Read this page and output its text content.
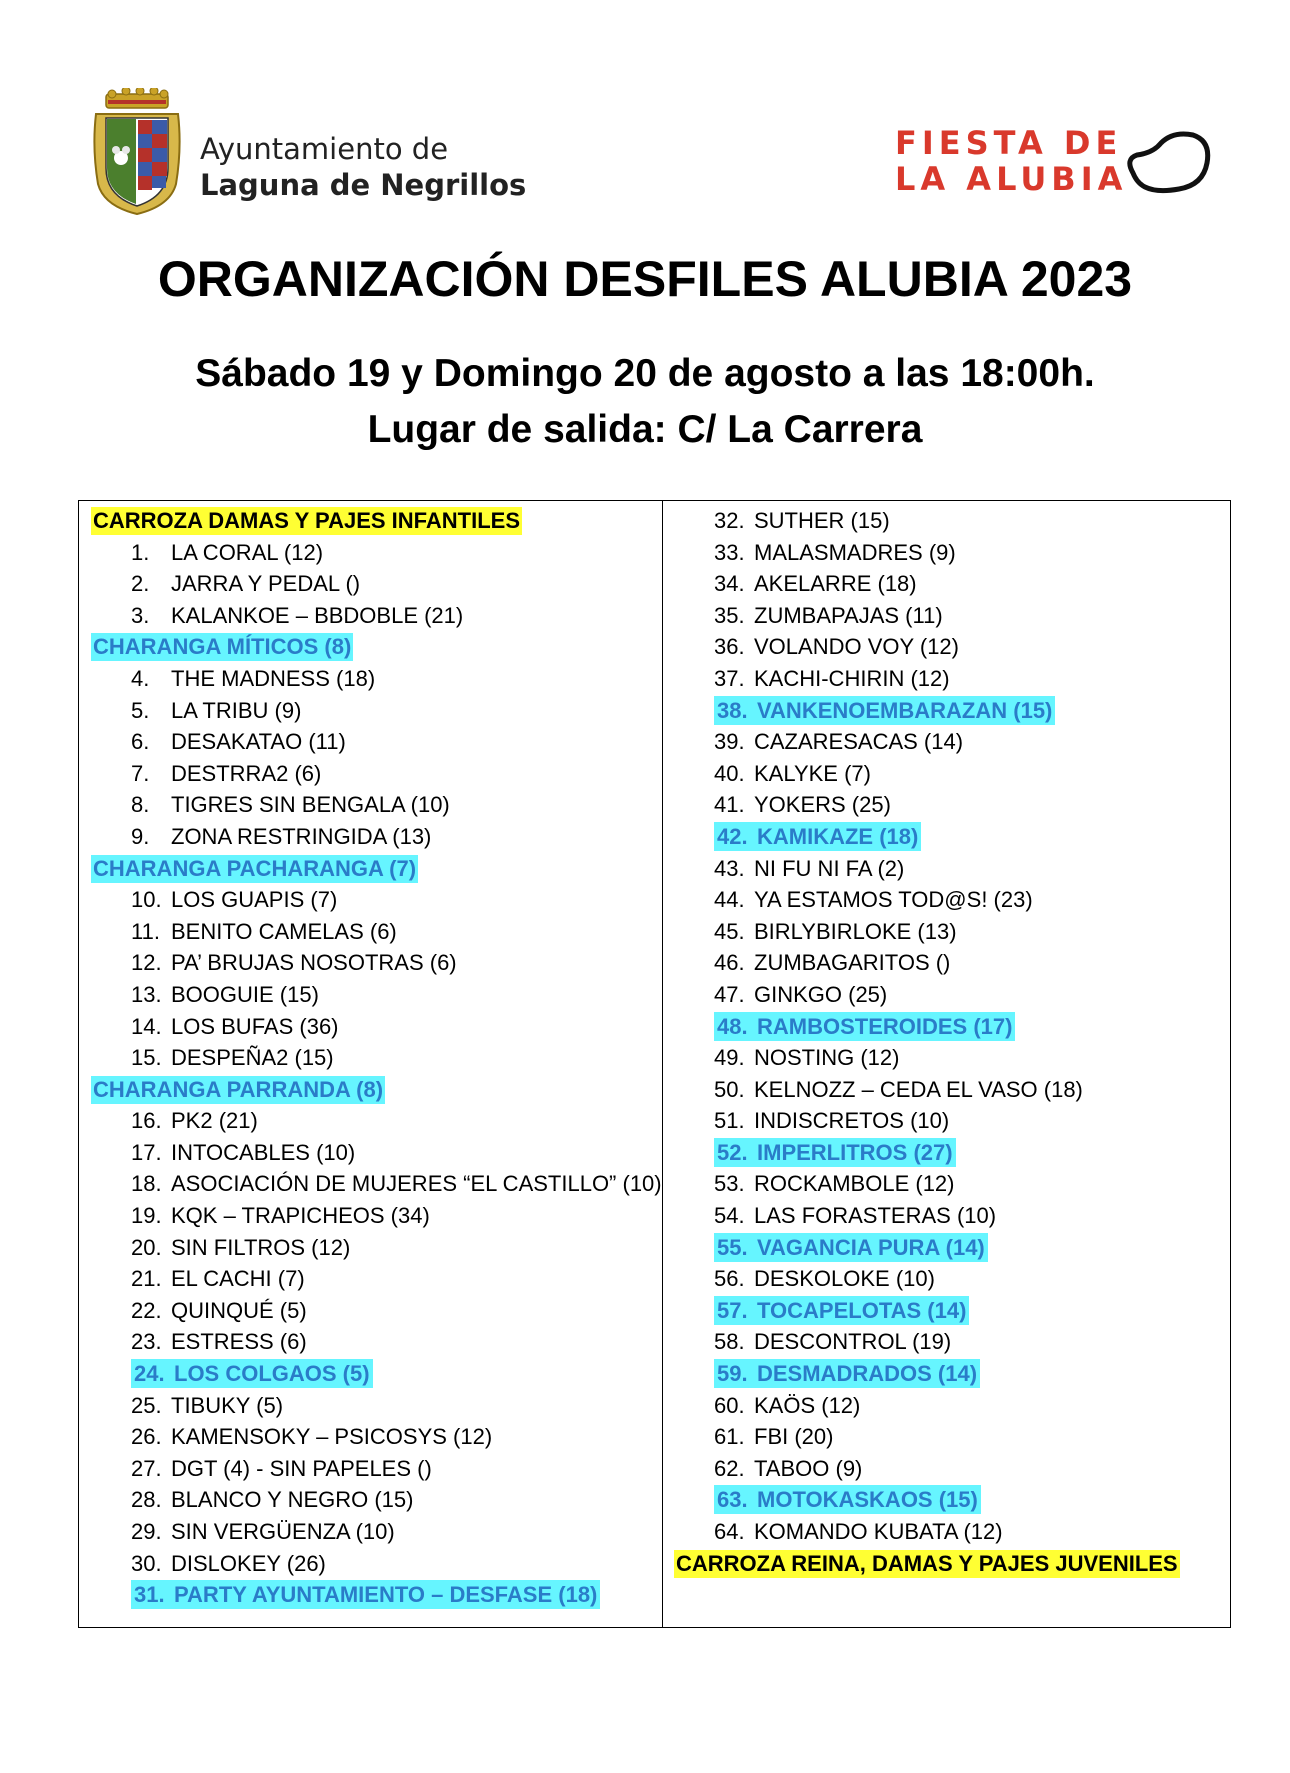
Ayuntamiento de
Laguna de Negrillos
FIESTA DE
LA ALUBIA
ORGANIZACIÓN DESFILES ALUBIA 2023
Sábado 19 y Domingo 20 de agosto a las 18:00h.
Lugar de salida: C/ La Carrera
CARROZA DAMAS Y PAJES INFANTILES
1. LA CORAL (12)
2. JARRA Y PEDAL ()
3. KALANKOE – BBDOBLE (21)
CHARANGA MÍTICOS (8)
4. THE MADNESS (18)
5. LA TRIBU (9)
6. DESAKATAO (11)
7. DESTRRA2 (6)
8. TIGRES SIN BENGALA (10)
9. ZONA RESTRINGIDA (13)
CHARANGA PACHARANGA (7)
10. LOS GUAPIS (7)
11. BENITO CAMELAS (6)
12. PA’ BRUJAS NOSOTRAS (6)
13. BOOGUIE (15)
14. LOS BUFAS (36)
15. DESPEÑA2 (15)
CHARANGA PARRANDA (8)
16. PK2 (21)
17. INTOCABLES (10)
18. ASOCIACIÓN DE MUJERES “EL CASTILLO” (10)
19. KQK – TRAPICHEOS (34)
20. SIN FILTROS (12)
21. EL CACHI (7)
22. QUINQUÉ (5)
23. ESTRESS (6)
24. LOS COLGAOS (5)
25. TIBUKY (5)
26. KAMENSOKY – PSICOSYS (12)
27. DGT (4) - SIN PAPELES ()
28. BLANCO Y NEGRO (15)
29. SIN VERGÜENZA (10)
30. DISLOKEY (26)
31. PARTY AYUNTAMIENTO – DESFASE (18)
32. SUTHER (15)
33. MALASMADRES (9)
34. AKELARRE (18)
35. ZUMBAPAJAS (11)
36. VOLANDO VOY (12)
37. KACHI-CHIRIN (12)
38. VANKENOEMBARAZAN (15)
39. CAZARESACAS (14)
40. KALYKE (7)
41. YOKERS (25)
42. KAMIKAZE (18)
43. NI FU NI FA (2)
44. YA ESTAMOS TOD@S! (23)
45. BIRLYBIRLOKE (13)
46. ZUMBAGARITOS ()
47. GINKGO (25)
48. RAMBOSTEROIDES (17)
49. NOSTING (12)
50. KELNOZZ – CEDA EL VASO (18)
51. INDISCRETOS (10)
52. IMPERLITROS (27)
53. ROCKAMBOLE (12)
54. LAS FORASTERAS (10)
55. VAGANCIA PURA (14)
56. DESKOLOKE (10)
57. TOCAPELOTAS (14)
58. DESCONTROL (19)
59. DESMADRADOS (14)
60. KAÖS (12)
61. FBI (20)
62. TABOO (9)
63. MOTOKASKAOS (15)
64. KOMANDO KUBATA (12)
CARROZA REINA, DAMAS Y PAJES JUVENILES
